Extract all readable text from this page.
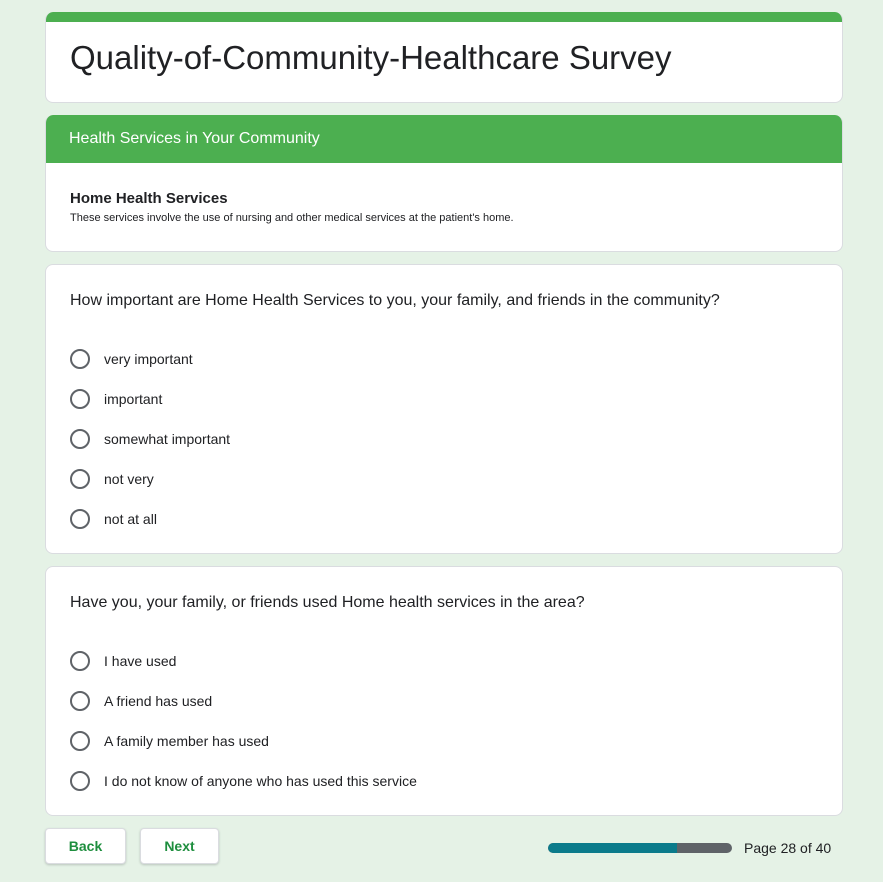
Quality-of-Community-Healthcare Survey
Health Services in Your Community
Home Health Services
These services involve the use of nursing and other medical services at the patient's home.
How important are Home Health Services to you, your family, and friends in the community?
very important
important
somewhat important
not very
not at all
Have you, your family, or friends used Home health services in the area?
I have used
A friend has used
A family member has used
I do not know of anyone who has used this service
Back	Next	Page 28 of 40
